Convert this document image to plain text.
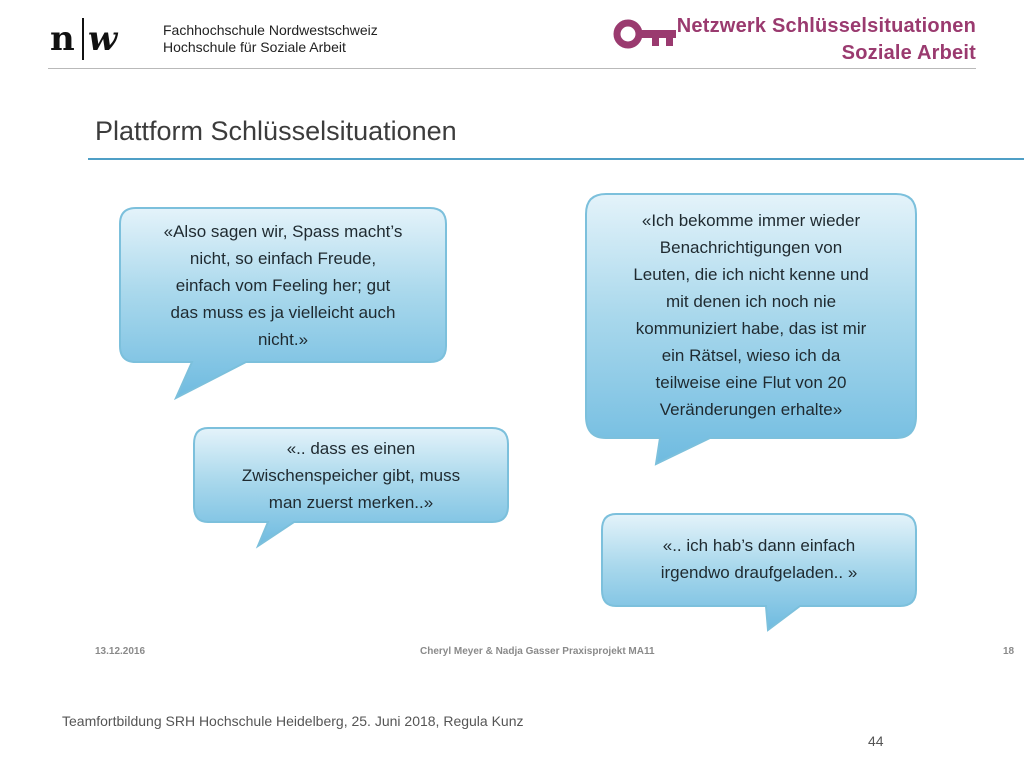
n w	Fachhochschule Nordwestschweiz
Hochschule für Soziale Arbeit
Netzwerk Schlüsselsituationen
Soziale Arbeit
Plattform Schlüsselsituationen
«Also sagen wir, Spass macht’s
nicht, so einfach Freude,
einfach vom Feeling her; gut
das muss es ja vielleicht auch
nicht.»
«.. dass es einen
Zwischenspeicher gibt, muss
man zuerst merken..»
«Ich bekomme immer wieder
Benachrichtigungen von
Leuten, die ich nicht kenne und
mit denen ich noch nie
kommuniziert habe, das ist mir
ein Rätsel, wieso ich da
teilweise eine Flut von 20
Veränderungen erhalte»
«.. ich hab’s dann einfach
irgendwo draufgeladen.. »
13.12.2016	Cheryl Meyer & Nadja Gasser Praxisprojekt MA11	18
Teamfortbildung SRH Hochschule Heidelberg, 25. Juni 2018, Regula Kunz
44
